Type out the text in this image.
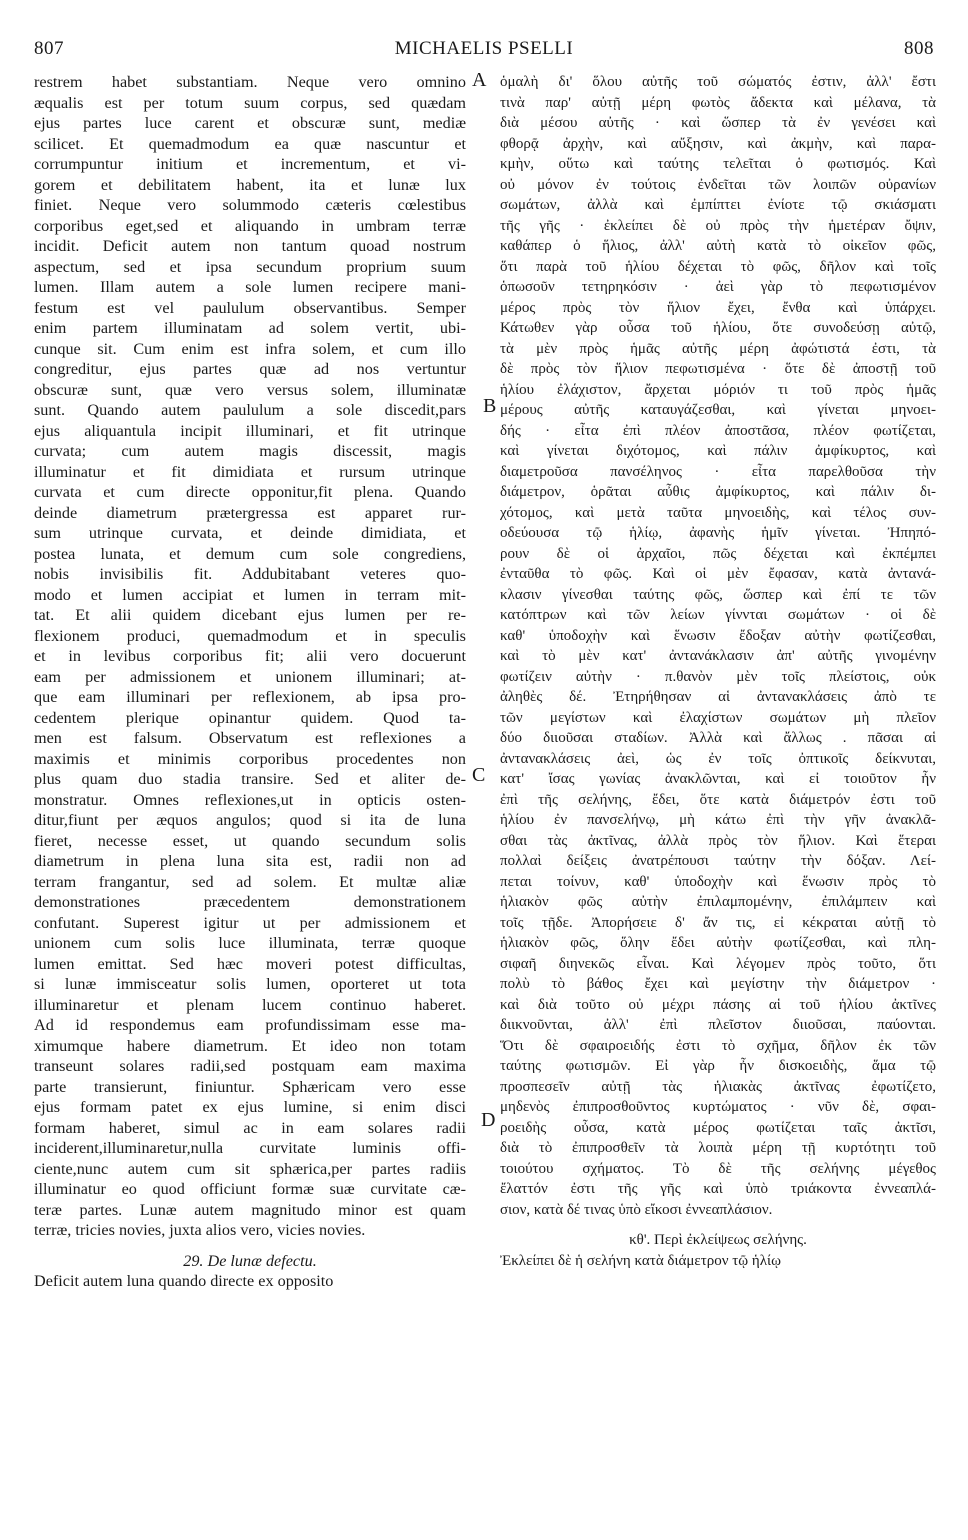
807	MICHAELIS PSELLI	808
restrem habet substantiam. Neque vero omnino
æqualis est per totum suum corpus, sed quædam
ejus partes luce carent et obscuræ sunt, mediæ
scilicet. Et quemadmodum ea quæ nascuntur et
corrumpuntur initium et incrementum, et vi-
gorem et debilitatem habent, ita et lunæ lux
finiet. Neque vero solummodo cæteris cœlestibus
corporibus eget,sed et aliquando in umbram terræ
incidit. Deficit autem non tantum quoad nostrum
aspectum, sed et ipsa secundum proprium suum
lumen. Illam autem a sole lumen recipere mani-
festum est vel paululum observantibus. Semper
enim partem illuminatam ad solem vertit, ubi-
cunque sit. Cum enim est infra solem, et cum illo
congreditur, ejus partes quæ ad nos vertuntur
obscuræ sunt, quæ vero versus solem, illuminatæ
sunt. Quando autem paululum a sole discedit,pars
ejus aliquantula incipit illuminari, et fit utrinque
curvata; cum autem magis discessit, magis
illuminatur et fit dimidiata et rursum utrinque
curvata et cum directe opponitur,fit plena. Quando
deinde diametrum prætergressa est apparet rur-
sum utrinque curvata, et deinde dimidiata, et
postea lunata, et demum cum sole congrediens,
nobis invisibilis fit. Addubitabant veteres quo-
modo et lumen accipiat et lumen in terram mit-
tat. Et alii quidem dicebant ejus lumen per re-
flexionem produci, quemadmodum et in speculis
et in levibus corporibus fit; alii vero docuerunt
eam per admissionem et unionem illuminari; at-
que eam illuminari per reflexionem, ab ipsa pro-
cedentem plerique opinantur quidem. Quod ta-
men est falsum. Observatum est reflexiones a
maximis et minimis corporibus procedentes non
plus quam duo stadia transire. Sed et aliter de-
monstratur. Omnes reflexiones,ut in opticis osten-
ditur,fiunt per æquos angulos; quod si ita de luna
fieret, necesse esset, ut quando secundum solis
diametrum in plena luna sita est, radii non ad
terram frangantur, sed ad solem. Et multæ aliæ
demonstrationes præcedentem demonstrationem
confutant. Superest igitur ut per admissionem et
unionem cum solis luce illuminata, terræ quoque
lumen emittat. Sed hæc moveri potest difficultas,
si lunæ immisceatur solis lumen, oporteret ut tota
illuminaretur et plenam lucem continuo haberet.
Ad id respondemus eam profundissimam esse ma-
ximumque habere diametrum. Et ideo non totam
transeunt solares radii,sed postquam eam maxima
parte transierunt, finiuntur. Sphæricam vero esse
ejus formam patet ex ejus lumine, si enim disci
formam haberet, simul ac in eam solares radii
inciderent,illuminaretur,nulla curvitate luminis offi-
ciente,nunc autem cum sit sphærica,per partes radiis
illuminatur eo quod officiunt formæ suæ curvitate cæ-
teræ partes. Lunæ autem magnitudo minor est quam
terræ, tricies novies, juxta alios vero, vicies novies.
29. De lunæ defectu.
Deficit autem luna quando directe ex opposito
ὁμαλὴ δι' ὅλου αὐτῆς τοῦ σώματός ἐστιν, ἀλλ' ἔστι
τινὰ παρ' αὐτῇ μέρη φωτὸς ἄδεκτα καὶ μέλανα, τὰ
διὰ μέσου αὐτῆς · καὶ ὥσπερ τὰ ἐν γενέσει καὶ
φθορᾷ ἀρχὴν, καὶ αὔξησιν, καὶ ἀκμὴν, καὶ παρα-
κμὴν, οὕτω καὶ ταύτης τελεῖται ὁ φωτισμός. Καὶ
οὐ μόνον ἐν τούτοις ἐνδεῖται τῶν λοιπῶν οὐρανίων
σωμάτων, ἀλλὰ καὶ ἐμπίπτει ἐνίοτε τῷ σκιάσματι
τῆς γῆς · ἐκλείπει δὲ οὐ πρὸς τὴν ἡμετέραν ὄψιν,
καθάπερ ὁ ἥλιος, ἀλλ' αὐτὴ κατὰ τὸ οἰκεῖον φῶς,
ὅτι παρὰ τοῦ ἡλίου δέχεται τὸ φῶς, δῆλον καὶ τοῖς
ὁπωσοῦν τετηρηκόσιν · ἀεὶ γὰρ τὸ πεφωτισμένον
μέρος πρὸς τὸν ἥλιον ἔχει, ἔνθα καὶ ὑπάρχει.
Κάτωθεν γὰρ οὖσα τοῦ ἡλίου, ὅτε συνοδεύσῃ αὐτῷ,
τὰ μὲν πρὸς ἡμᾶς αὐτῆς μέρη ἀφώτιστά ἐστι, τὰ
δὲ πρὸς τὸν ἥλιον πεφωτισμένα · ὅτε δὲ ἀποστῇ τοῦ
ἡλίου ἐλάχιστον, ἄρχεται μόριόν τι τοῦ πρὸς ἡμᾶς
μέρους αὐτῆς καταυγάζεσθαι, καὶ γίνεται μηνοει-
δής · εἶτα ἐπὶ πλέον ἀποστᾶσα, πλέον φωτίζεται,
καὶ γίνεται διχότομος, καὶ πάλιν ἀμφίκυρτος, καὶ
διαμετροῦσα πανσέληνος · εἶτα παρελθοῦσα τὴν
διάμετρον, ὁρᾶται αὖθις ἀμφίκυρτος, καὶ πάλιν δι-
χότομος, καὶ μετὰ ταῦτα μηνοειδὴς, καὶ τέλος συν-
οδεύουσα τῷ ἡλίῳ, ἀφανὴς ἡμῖν γίνεται. Ἠπηπό-
ρουν δὲ οἱ ἀρχαῖοι, πῶς δέχεται καὶ ἐκπέμπει
ἐνταῦθα τὸ φῶς. Καὶ οἱ μὲν ἔφασαν, κατὰ ἀντανά-
κλασιν γίνεσθαι ταύτης φῶς, ὥσπερ καὶ ἐπί τε τῶν
κατόπτρων καὶ τῶν λείων γίννται σωμάτων · οἱ δὲ
καθ' ὑποδοχὴν καὶ ἕνωσιν ἔδοξαν αὐτὴν φωτίζεσθαι,
καὶ τὸ μὲν κατ' ἀντανάκλασιν ἀπ' αὐτῆς γινομένην
φωτίζειν αὐτὴν · π.θανὸν μὲν τοῖς πλείστοις, οὐκ
ἀληθὲς δέ. Ἐτηρήθησαν αἱ ἀντανακλάσεις ἀπὸ τε
τῶν μεγίστων καὶ ἐλαχίστων σωμάτων μὴ πλεῖον
δύο διιοῦσαι σταδίων. Ἀλλὰ καὶ ἄλλως . πᾶσαι αἱ
ἀντανακλάσεις ἀεὶ, ὡς ἐν τοῖς ὀπτικοῖς δείκνυται,
κατ' ἴσας γωνίας ἀνακλῶνται, καὶ εἰ τοιοῦτον ἦν
ἐπὶ τῆς σελήνης, ἔδει, ὅτε κατὰ διάμετρόν ἐστι τοῦ
ἡλίου ἐν πανσελήνῳ, μὴ κάτω ἐπὶ τὴν γῆν ἀνακλᾶ-
σθαι τὰς ἀκτῖνας, ἀλλὰ πρὸς τὸν ἥλιον. Καὶ ἕτεραι
πολλαὶ δείξεις ἀνατρέπουσι ταύτην τὴν δόξαν. Λεί-
πεται τοίνυν, καθ' ὑποδοχὴν καὶ ἕνωσιν πρὸς τὸ
ἡλιακὸν φῶς αὐτὴν ἐπιλαμπομένην, ἐπιλάμπειν καὶ
τοῖς τῇδε. Ἀπορήσειε δ' ἄν τις, εἰ κέκραται αὐτῇ τὸ
ἡλιακὸν φῶς, ὅλην ἔδει αὐτὴν φωτίζεσθαι, καὶ πλη-
σιφαῆ διηνεκῶς εἶναι. Καὶ λέγομεν πρὸς τοῦτο, ὅτι
πολὺ τὸ βάθος ἔχει καὶ μεγίστην τὴν διάμετρον ·
καὶ διὰ τοῦτο οὐ μέχρι πάσης αἱ τοῦ ἡλίου ἀκτῖνες
διικνοῦνται, ἀλλ' ἐπὶ πλεῖστον διιοῦσαι, παύονται.
Ὅτι δὲ σφαιροειδής ἐστι τὸ σχῆμα, δῆλον ἐκ τῶν
ταύτης φωτισμῶν. Εἰ γὰρ ἦν δισκοειδὴς, ἅμα τῷ
προσπεσεῖν αὐτῇ τὰς ἡλιακὰς ἀκτῖνας ἐφωτίζετο,
μηδενὸς ἐπιπροσθοῦντος κυρτώματος · νῦν δὲ, σφαι-
ροειδὴς οὖσα, κατὰ μέρος φωτίζεται ταῖς ἀκτῖσι,
διὰ τὸ ἐπιπροσθεῖν τὰ λοιπὰ μέρη τῇ κυρτότητι τοῦ
τοιούτου σχήματος. Τὸ δὲ τῆς σελήνης μέγεθος
ἔλαττόν ἐστι τῆς γῆς καὶ ὑπὸ τριάκοντα ἐννεαπλά-
σιον, κατὰ δέ τινας ὑπὸ εἴκοσι ἐννεαπλάσιον.
κθ'. Περὶ ἐκλείψεως σελήνης.
Ἐκλείπει δὲ ἡ σελήνη κατὰ διάμετρον τῷ ἡλίῳ
A
B
C
D
